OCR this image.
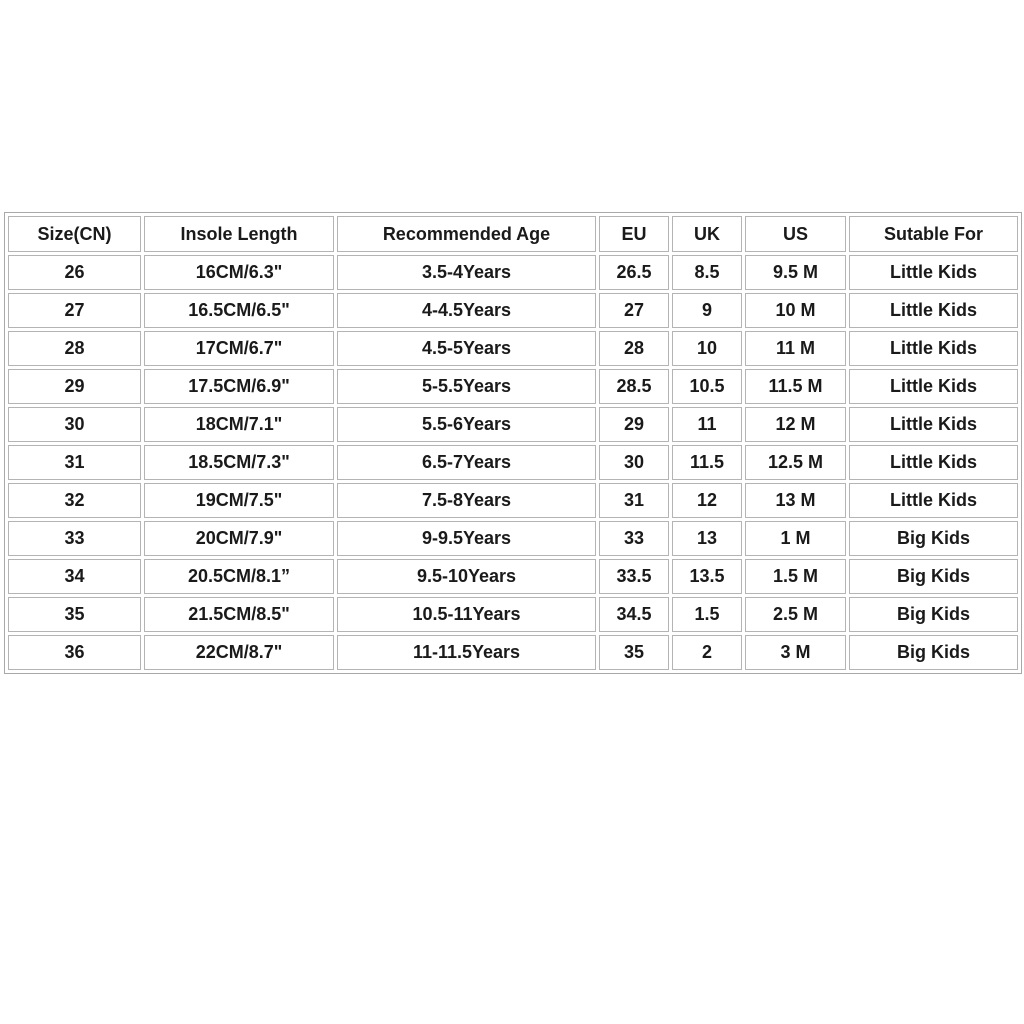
Size(CN)	Insole Length	Recommended Age	EU	UK	US	Sutable For
26	16CM/6.3"	3.5-4Years	26.5	8.5	9.5 M	Little Kids
27	16.5CM/6.5"	4-4.5Years	27	9	10 M	Little Kids
28	17CM/6.7"	4.5-5Years	28	10	11 M	Little Kids
29	17.5CM/6.9"	5-5.5Years	28.5	10.5	11.5 M	Little Kids
30	18CM/7.1"	5.5-6Years	29	11	12 M	Little Kids
31	18.5CM/7.3"	6.5-7Years	30	11.5	12.5 M	Little Kids
32	19CM/7.5"	7.5-8Years	31	12	13 M	Little Kids
33	20CM/7.9"	9-9.5Years	33	13	1 M	Big Kids
34	20.5CM/8.1”	9.5-10Years	33.5	13.5	1.5 M	Big Kids
35	21.5CM/8.5"	10.5-11Years	34.5	1.5	2.5 M	Big Kids
36	22CM/8.7"	11-11.5Years	35	2	3 M	Big Kids
